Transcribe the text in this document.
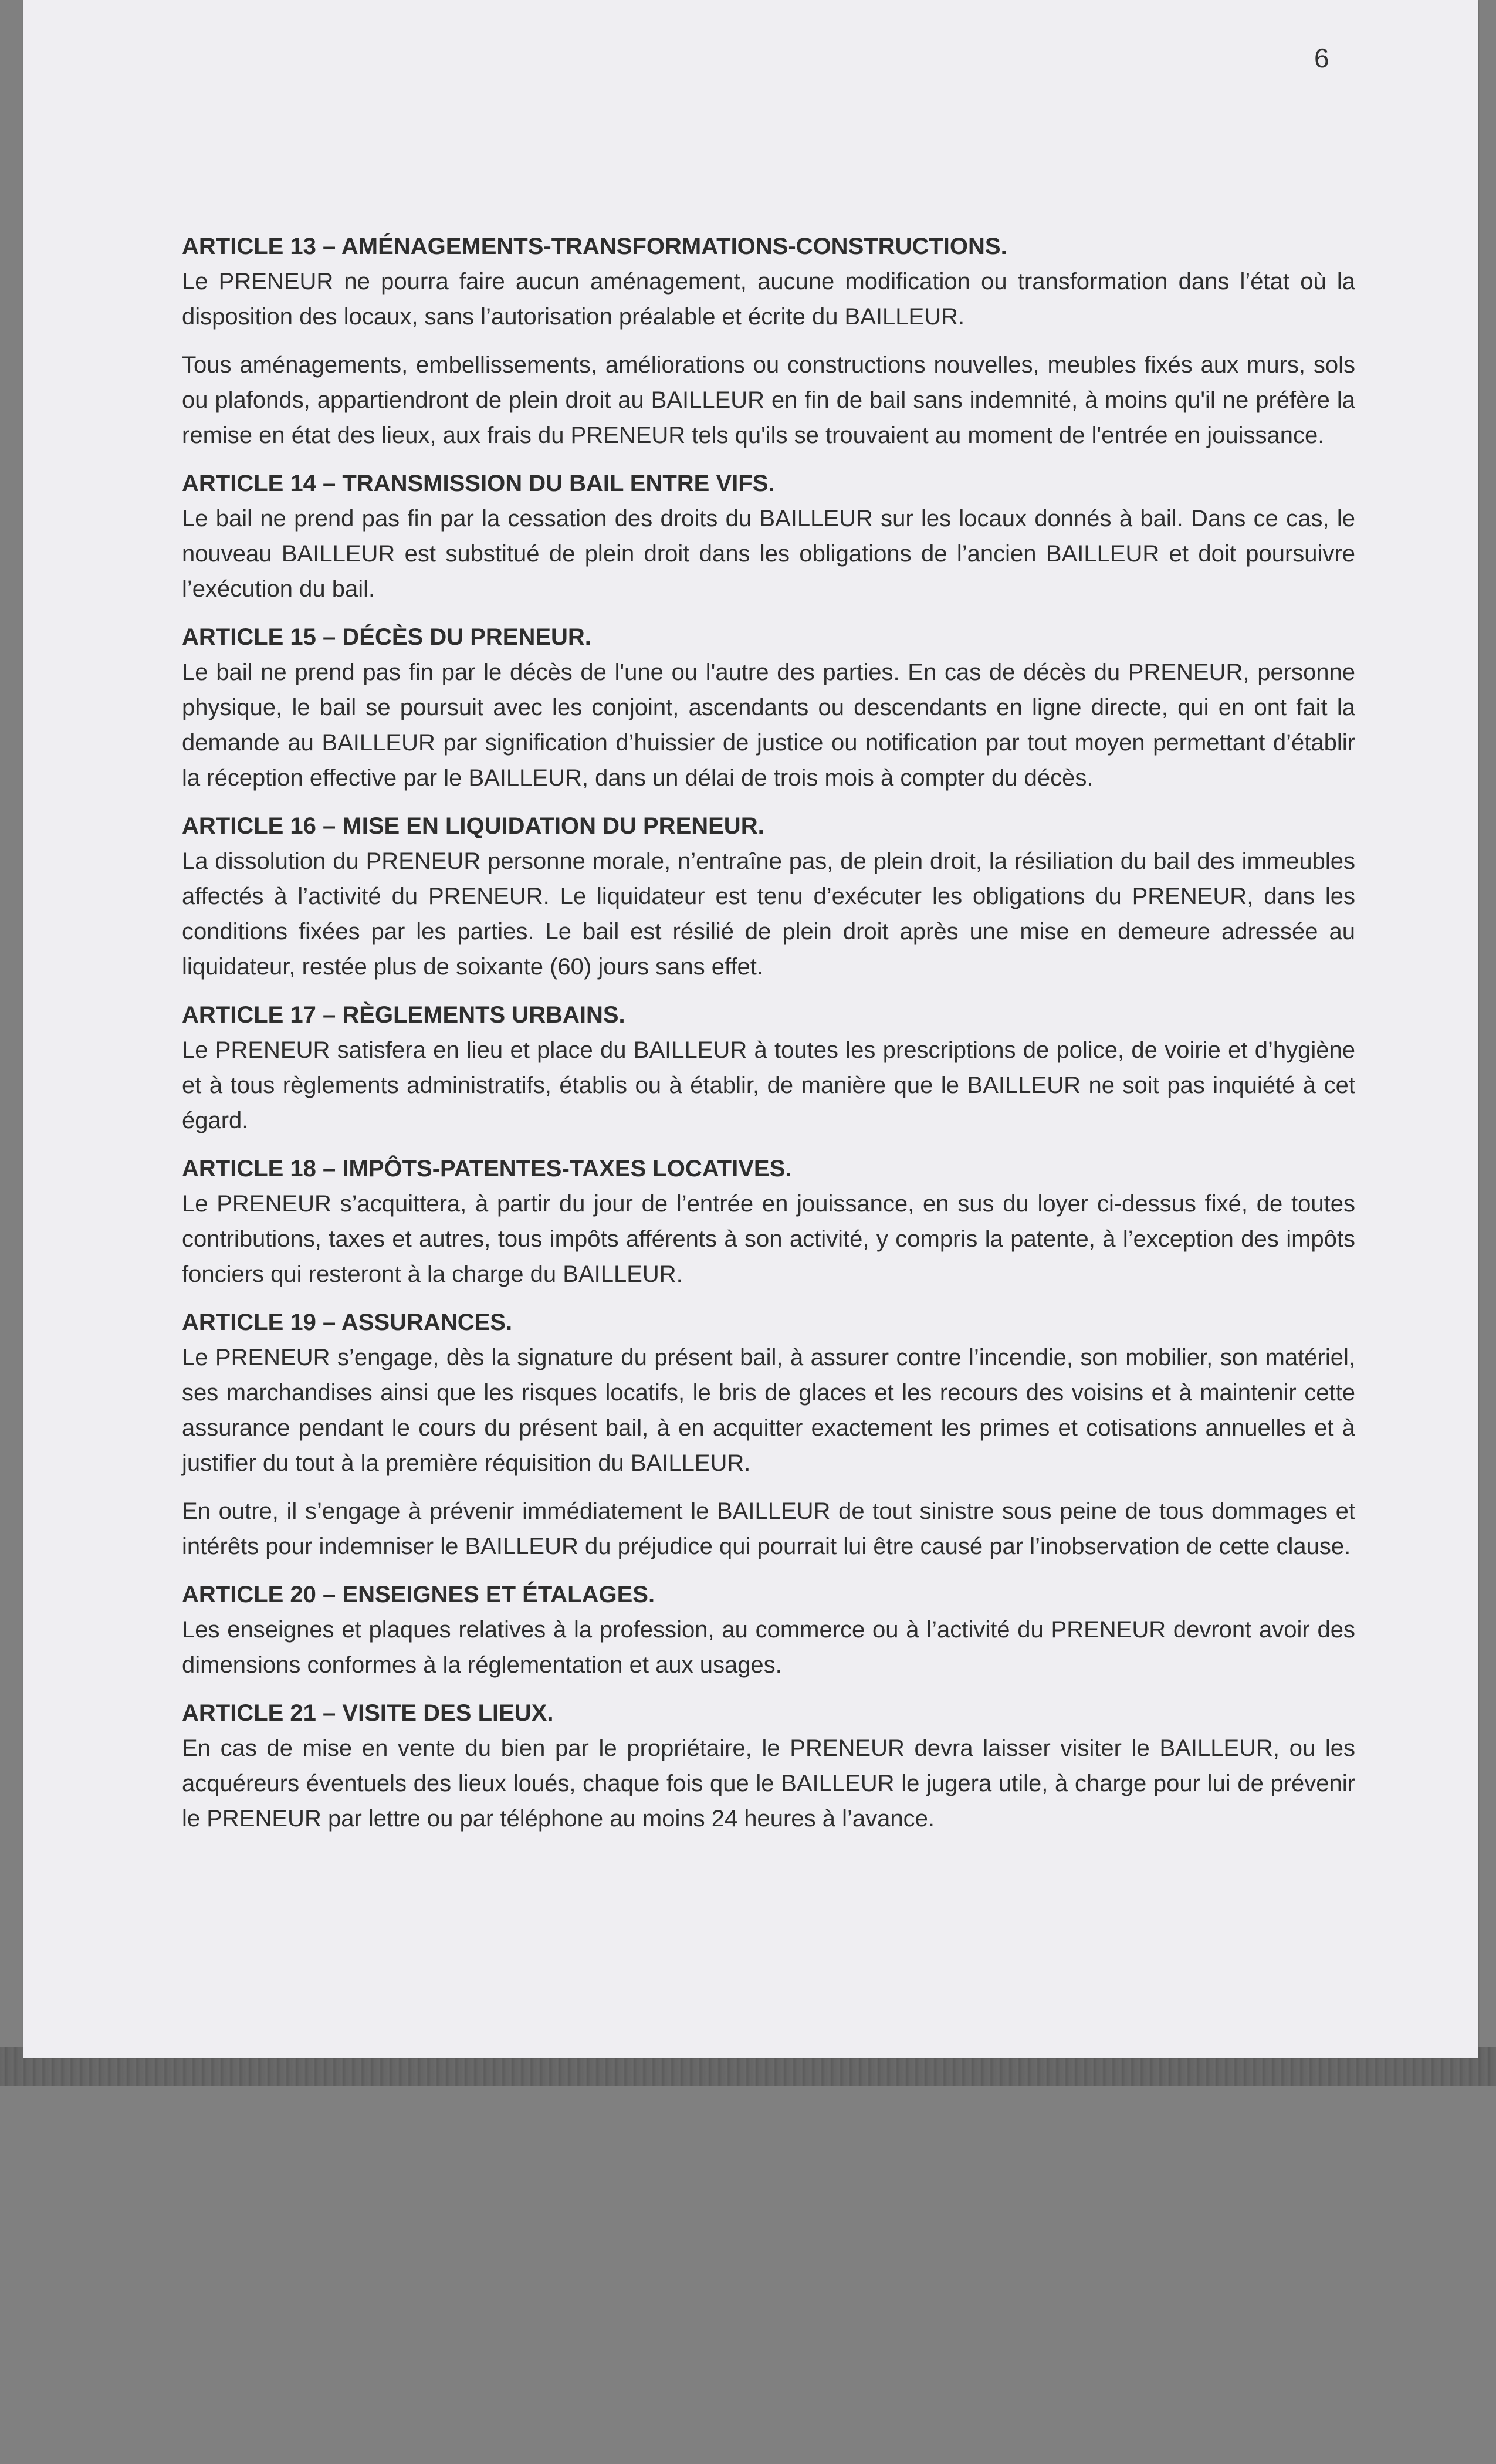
6

ARTICLE 13 – AMÉNAGEMENTS-TRANSFORMATIONS-CONSTRUCTIONS.
Le PRENEUR ne pourra faire aucun aménagement, aucune modification ou transformation dans l’état où la disposition des locaux, sans l’autorisation préalable et écrite du BAILLEUR.

Tous aménagements, embellissements, améliorations ou constructions nouvelles, meubles fixés aux murs, sols ou plafonds, appartiendront de plein droit au BAILLEUR en fin de bail sans indemnité, à moins qu'il ne préfère la remise en état des lieux, aux frais du PRENEUR tels qu'ils se trouvaient au moment de l'entrée en jouissance.

ARTICLE 14 – TRANSMISSION DU BAIL ENTRE VIFS.
Le bail ne prend pas fin par la cessation des droits du BAILLEUR sur les locaux donnés à bail. Dans ce cas, le nouveau BAILLEUR est substitué de plein droit dans les obligations de l’ancien BAILLEUR et doit poursuivre l’exécution du bail.

ARTICLE 15 – DÉCÈS DU PRENEUR.
Le bail ne prend pas fin par le décès de l'une ou l'autre des parties. En cas de décès du PRENEUR, personne physique, le bail se poursuit avec les conjoint, ascendants ou descendants en ligne directe, qui en ont fait la demande au BAILLEUR par signification d’huissier de justice ou notification par tout moyen permettant d’établir la réception effective par le BAILLEUR, dans un délai de trois mois à compter du décès.

ARTICLE 16 – MISE EN LIQUIDATION DU PRENEUR.
La dissolution du PRENEUR personne morale, n’entraîne pas, de plein droit, la résiliation du bail des immeubles affectés à l’activité du PRENEUR. Le liquidateur est tenu d’exécuter les obligations du PRENEUR, dans les conditions fixées par les parties. Le bail est résilié de plein droit après une mise en demeure adressée au liquidateur, restée plus de soixante (60) jours sans effet.

ARTICLE 17 – RÈGLEMENTS URBAINS.
Le PRENEUR satisfera en lieu et place du BAILLEUR à toutes les prescriptions de police, de voirie et d’hygiène et à tous règlements administratifs, établis ou à établir, de manière que le BAILLEUR ne soit pas inquiété à cet égard.

ARTICLE 18 – IMPÔTS-PATENTES-TAXES LOCATIVES.
Le PRENEUR s’acquittera, à partir du jour de l’entrée en jouissance, en sus du loyer ci-dessus fixé, de toutes contributions, taxes et autres, tous impôts afférents à son activité, y compris la patente, à l’exception des impôts fonciers qui resteront à la charge du BAILLEUR.

ARTICLE 19 – ASSURANCES.
Le PRENEUR s’engage, dès la signature du présent bail, à assurer contre l’incendie, son mobilier, son matériel, ses marchandises ainsi que les risques locatifs, le bris de glaces et les recours des voisins et à maintenir cette assurance pendant le cours du présent bail, à en acquitter exactement les primes et cotisations annuelles et à justifier du tout à la première réquisition du BAILLEUR.

En outre, il s’engage à prévenir immédiatement le BAILLEUR de tout sinistre sous peine de tous dommages et intérêts pour indemniser le BAILLEUR du préjudice qui pourrait lui être causé par l’inobservation de cette clause.

ARTICLE 20 – ENSEIGNES ET ÉTALAGES.
Les enseignes et plaques relatives à la profession, au commerce ou à l’activité du PRENEUR devront avoir des dimensions conformes à la réglementation et aux usages.

ARTICLE 21 – VISITE DES LIEUX.
En cas de mise en vente du bien par le propriétaire, le PRENEUR devra laisser visiter le BAILLEUR, ou les acquéreurs éventuels des lieux loués, chaque fois que le BAILLEUR le jugera utile, à charge pour lui de prévenir le PRENEUR par lettre ou par téléphone au moins 24 heures à l’avance.
